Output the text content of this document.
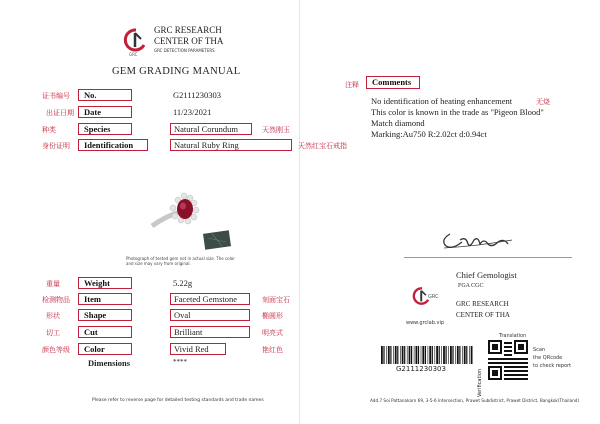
GRC
GRC RESEARCH
CENTER OF THA
GRC DETECTION PARAMETERS
GEM GRADING MANUAL
证书编号	No.	G2111230303
出证日期	Date	11/23/2021
种类	Species	Natural Corundum	天然刚玉
身份证明	Identification	Natural Ruby Ring	天然红宝石戒指
Photograph of tested gem not in actual size. The color and size may vary from original.
重量	Weight	5.22g
检测物品	Item	Faceted Gemstone	刻面宝石
形状	Shape	Oval	椭圆形
切工	Cut	Brilliant	明亮式
颜色等级	Color	Vivid Red	艳红色
Dimensions	****
Please refer to reverse page for detailed testing standards and trade names
注释	Comments
No identification of heating enhancement	无烧
This color is known in the trade as "Pigeon Blood"
Match diamond
Marking:Au750 R:2.02ct d:0.94ct
Chief Gemologist
FGA CGC
GRC
www.grclab.vip
GRC RESEARCH
CENTER OF THA
G2111230303	Verification
Translation
Scan
the QRcode
to check report
Add.7 Soi Pattanakarn 69, 3-5-6 Intersection, Prawet Subdistrict, Prawet District, Bangkok(Thailand)
